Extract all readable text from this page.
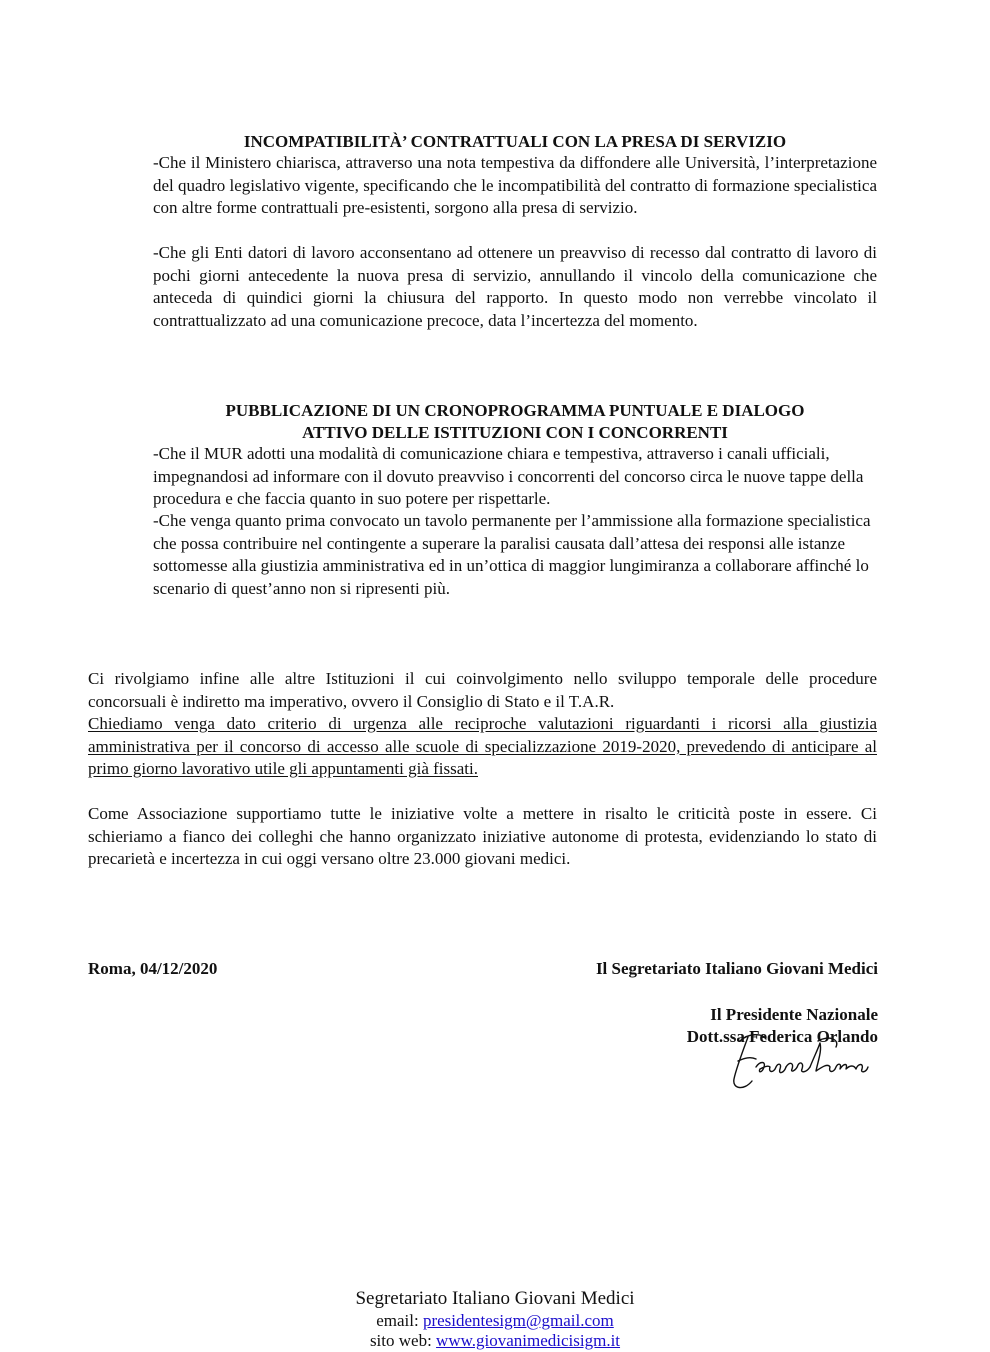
INCOMPATIBILITÀ’ CONTRATTUALI CON LA PRESA DI SERVIZIO

-Che il Ministero chiarisca, attraverso una nota tempestiva da diffondere alle Università, l’interpretazione del quadro legislativo vigente, specificando che le incompatibilità del contratto di formazione specialistica con altre forme contrattuali pre-esistenti, sorgono alla presa di servizio.

-Che gli Enti datori di lavoro acconsentano ad ottenere un preavviso di recesso dal contratto di lavoro di pochi giorni antecedente la nuova presa di servizio, annullando il vincolo della comunicazione che anteceda di quindici giorni la chiusura del rapporto. In questo modo non verrebbe vincolato il contrattualizzato ad una comunicazione precoce, data l’incertezza del momento.

PUBBLICAZIONE DI UN CRONOPROGRAMMA PUNTUALE E DIALOGO
ATTIVO DELLE ISTITUZIONI CON I CONCORRENTI

-Che il MUR adotti una modalità di comunicazione chiara e tempestiva, attraverso i canali ufficiali, impegnandosi ad informare con il dovuto preavviso i concorrenti del concorso circa le nuove tappe della procedura e che faccia quanto in suo potere per rispettarle.

-Che venga quanto prima convocato un tavolo permanente per l’ammissione alla formazione specialistica che possa contribuire nel contingente a superare la paralisi causata dall’attesa dei responsi alle istanze sottomesse alla giustizia amministrativa ed in un’ottica di maggior lungimiranza a collaborare affinché lo scenario di quest’anno non si ripresenti più.

Ci rivolgiamo infine alle altre Istituzioni il cui coinvolgimento nello sviluppo temporale delle procedure concorsuali è indiretto ma imperativo, ovvero il Consiglio di Stato e il T.A.R.
Chiediamo venga dato criterio di urgenza alle reciproche valutazioni riguardanti i ricorsi alla giustizia amministrativa per il concorso di accesso alle scuole di specializzazione 2019-2020, prevedendo di anticipare al primo giorno lavorativo utile gli appuntamenti già fissati.

Come Associazione supportiamo tutte le iniziative volte a mettere in risalto le criticità poste in essere. Ci schieriamo a fianco dei colleghi che hanno organizzato iniziative autonome di protesta, evidenziando lo stato di precarietà e incertezza in cui oggi versano oltre 23.000 giovani medici.

Roma, 04/12/2020	Il Segretariato Italiano Giovani Medici
Il Presidente Nazionale
Dott.ssa Federica Orlando
Segretariato Italiano Giovani Medici
email: presidentesigm@gmail.com
sito web: www.giovanimedicisigm.it
